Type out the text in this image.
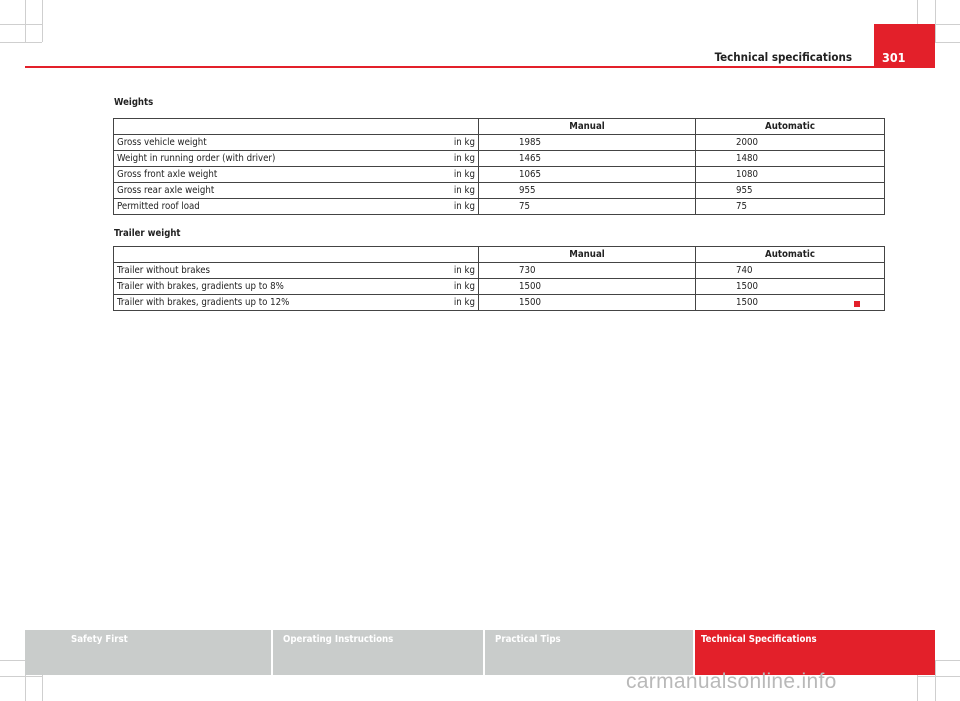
Technical specifications 301
Weights
		Manual	Automatic
Gross vehicle weight	in kg	1985	2000
Weight in running order (with driver)	in kg	1465	1480
Gross front axle weight	in kg	1065	1080
Gross rear axle weight	in kg	955	955
Permitted roof load	in kg	75	75
Trailer weight
		Manual	Automatic
Trailer without brakes	in kg	730	740
Trailer with brakes, gradients up to 8%	in kg	1500	1500
Trailer with brakes, gradients up to 12%	in kg	1500	1500
Safety First	Operating Instructions	Practical Tips	Technical Specifications
carmanualsonline.info
